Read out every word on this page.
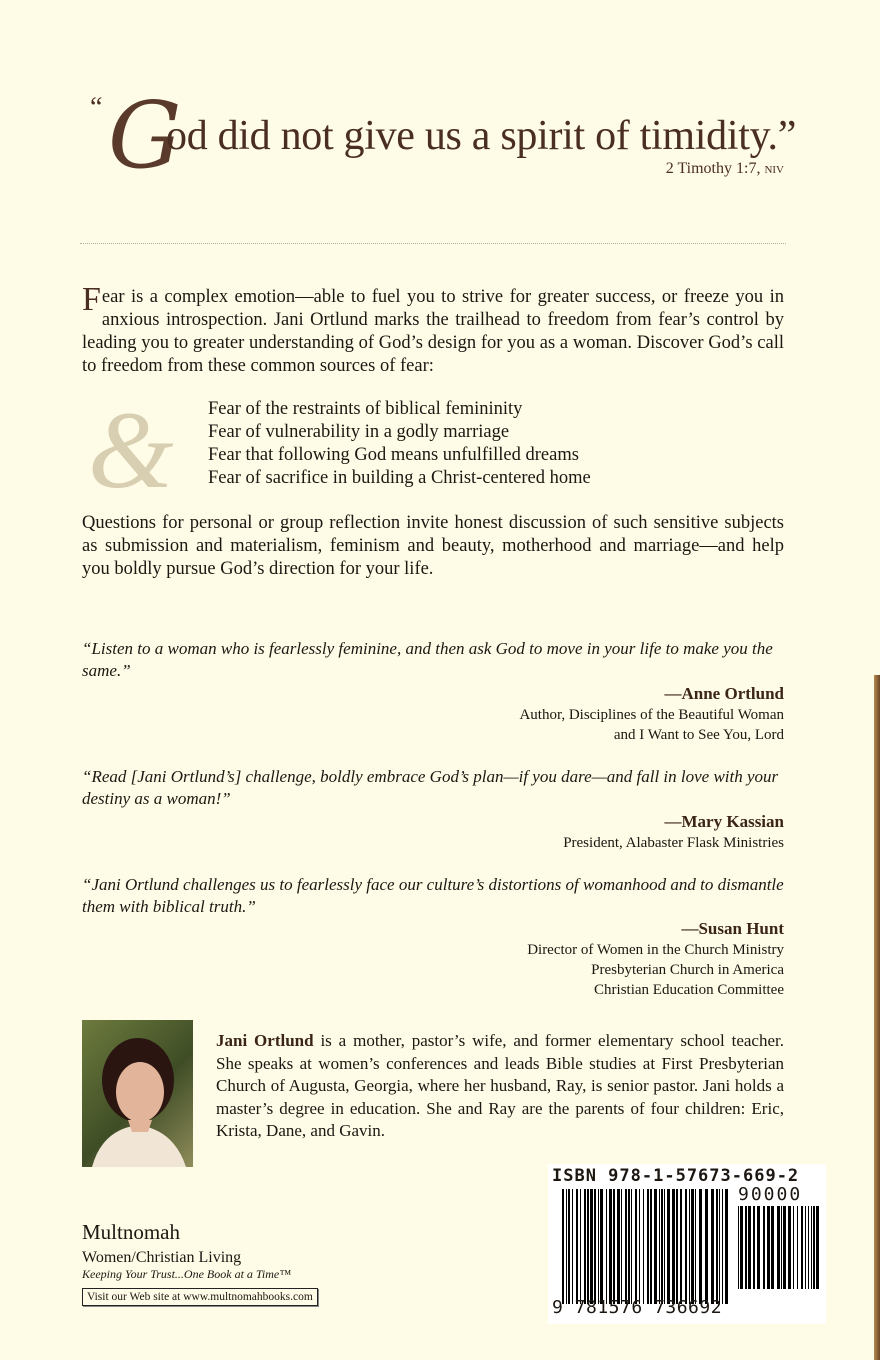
“ G
od did not give us a spirit of timidity.”
2 Timothy 1:7, NIV

Fear is a complex emotion—able to fuel you to strive for greater success, or freeze you in anxious introspection. Jani Ortlund marks the trailhead to freedom from fear’s control by leading you to greater understanding of God’s design for you as a woman. Discover God’s call to freedom from these common sources of fear:

& Fear of the restraints of biblical femininity
Fear of vulnerability in a godly marriage
Fear that following God means unfulfilled dreams
Fear of sacrifice in building a Christ-centered home

Questions for personal or group reflection invite honest discussion of such sensitive subjects as submission and materialism, feminism and beauty, motherhood and marriage—and help you boldly pursue God’s direction for your life.

“Listen to a woman who is fearlessly feminine, and then ask God to move in your life to make you the same.”
—Anne Ortlund
Author, Disciplines of the Beautiful Woman
and I Want to See You, Lord
“Read [Jani Ortlund’s] challenge, boldly embrace God’s plan—if you dare—and fall in love with your destiny as a woman!”
—Mary Kassian
President, Alabaster Flask Ministries
“Jani Ortlund challenges us to fearlessly face our culture’s distortions of womanhood and to dismantle them with biblical truth.”
—Susan Hunt
Director of Women in the Church Ministry
Presbyterian Church in America
Christian Education Committee
Jani Ortlund is a mother, pastor’s wife, and former elementary school teacher. She speaks at women’s conferences and leads Bible studies at First Presbyterian Church of Augusta, Georgia, where her husband, Ray, is senior pastor. Jani holds a master’s degree in education. She and Ray are the parents of four children: Eric, Krista, Dane, and Gavin.
ISBN 978-1-57673-669-2
90000
9 781576 736692
Multnomah
Women/Christian Living
Keeping Your Trust...One Book at a Time™
Visit our Web site at www.multnomahbooks.com
